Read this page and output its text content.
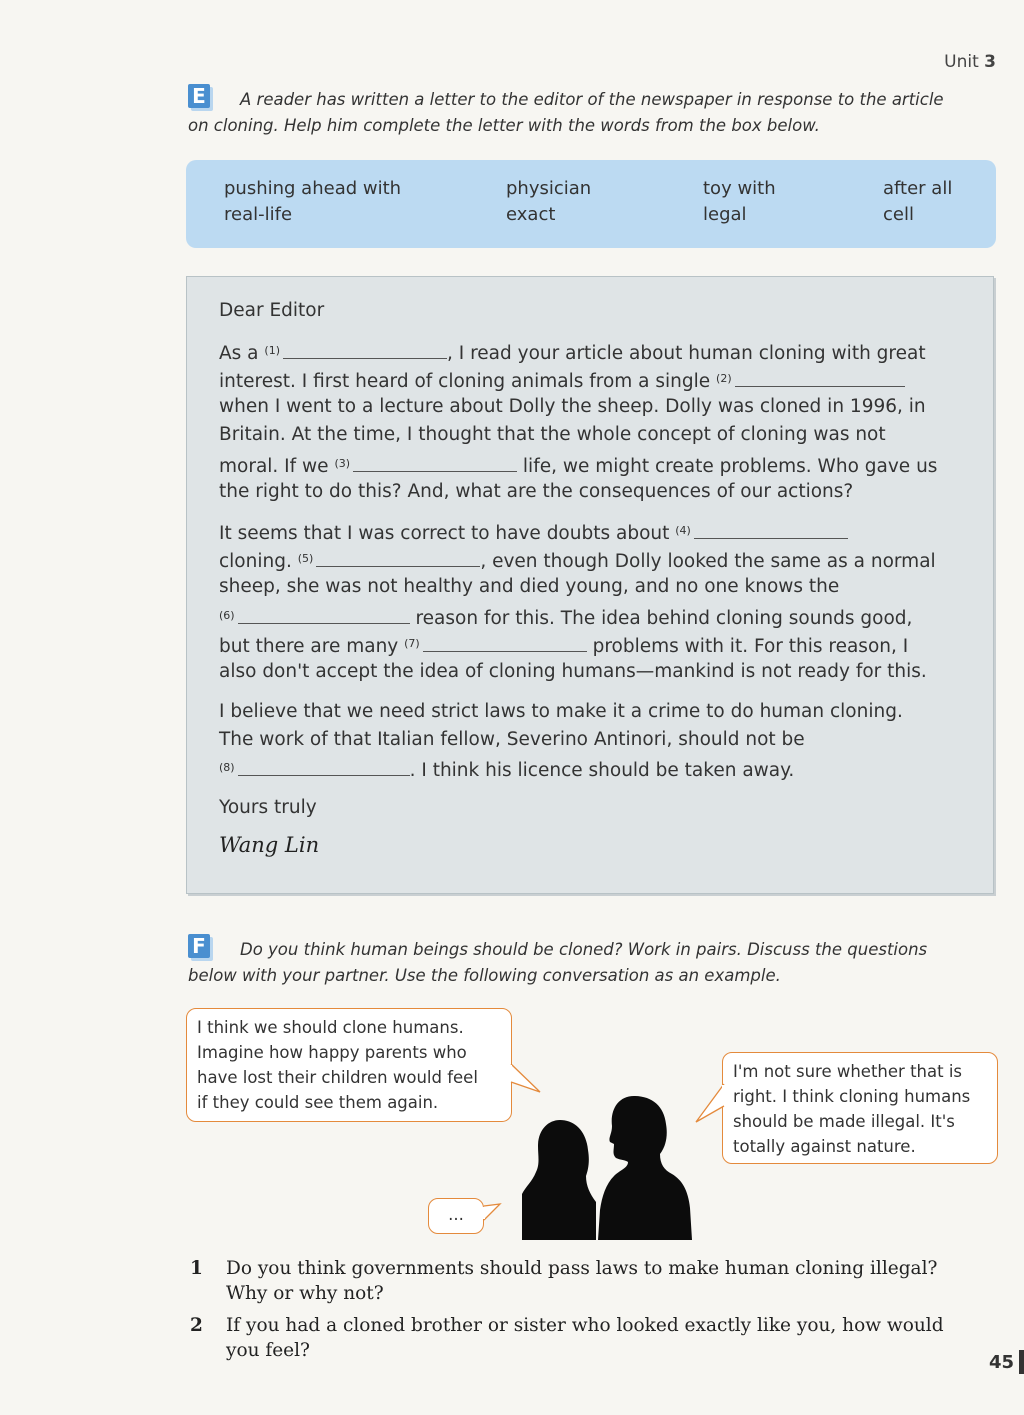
Unit 3
E	A reader has written a letter to the editor of the newspaper in response to the article
on cloning. Help him complete the letter with the words from the box below.
pushing ahead with	physician	toy with	after all
real-life	exact	legal	cell
Dear Editor
As a $^{(1)}$	, I read your article about human cloning with great
interest. I first heard of cloning animals from a single $^{(2)}$
when I went to a lecture about Dolly the sheep. Dolly was cloned in 1996, in
Britain. At the time, I thought that the whole concept of cloning was not
moral. If we $^{(3)}$	life, we might create problems. Who gave us
the right to do this? And, what are the consequences of our actions?
It seems that I was correct to have doubts about $^{(4)}$
cloning. $^{(5)}$	, even though Dolly looked the same as a normal
sheep, she was not healthy and died young, and no one knows the
$^{(6)}$	reason for this. The idea behind cloning sounds good,
but there are many $^{(7)}$	problems with it. For this reason, I
also don't accept the idea of cloning humans—mankind is not ready for this.
I believe that we need strict laws to make it a crime to do human cloning.
The work of that Italian fellow, Severino Antinori, should not be
$^{(8)}$	. I think his licence should be taken away.
Yours truly
Wang Lin
F	Do you think human beings should be cloned? Work in pairs. Discuss the questions
below with your partner. Use the following conversation as an example.
I think we should clone humans.
Imagine how happy parents who
have lost their children would feel
if they could see them again.
I'm not sure whether that is
right. I think cloning humans
should be made illegal. It's
totally against nature.
...
1 Do you think governments should pass laws to make human cloning illegal?
Why or why not?
2 If you had a cloned brother or sister who looked exactly like you, how would
you feel?
45
